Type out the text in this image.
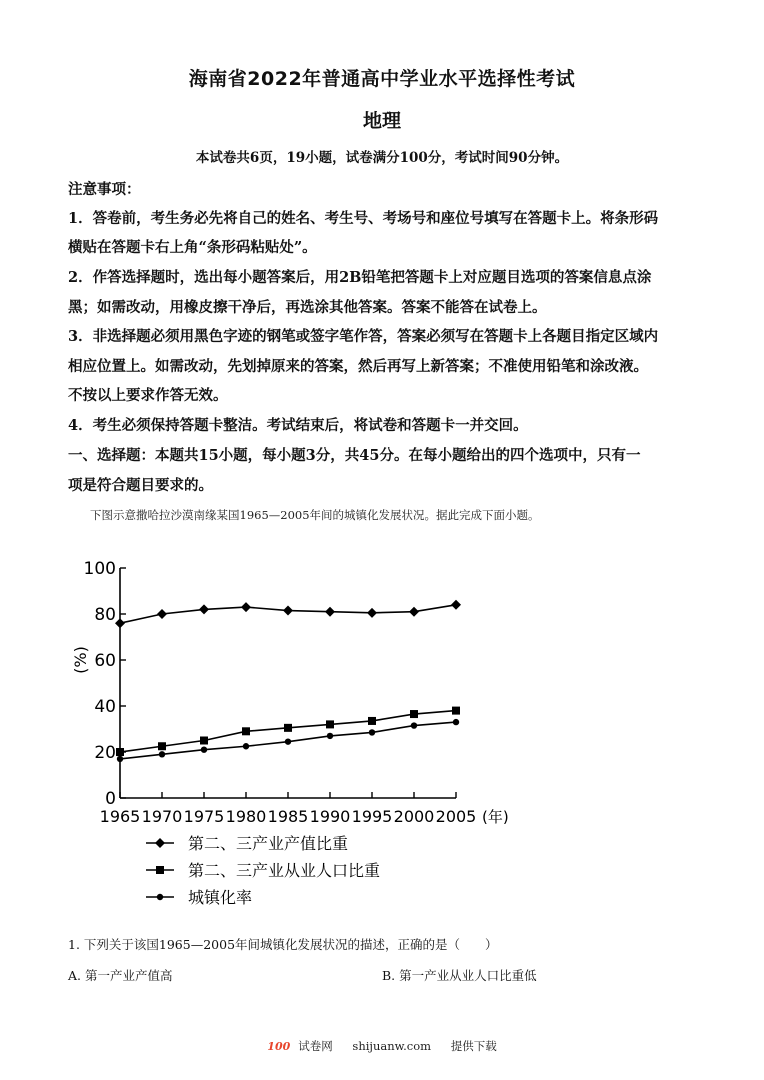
海南省2022年普通高中学业水平选择性考试
地理
本试卷共6页，19小题，试卷满分100分，考试时间90分钟。
注意事项：
1．答卷前，考生务必先将自己的姓名、考生号、考场号和座位号填写在答题卡上。将条形码
横贴在答题卡右上角“条形码粘贴处”。
2．作答选择题时，选出每小题答案后，用2B铅笔把答题卡上对应题目选项的答案信息点涂
黑；如需改动，用橡皮擦干净后，再选涂其他答案。答案不能答在试卷上。
3．非选择题必须用黑色字迹的钢笔或签字笔作答，答案必须写在答题卡上各题目指定区域内
相应位置上。如需改动，先划掉原来的答案，然后再写上新答案；不准使用铅笔和涂改液。
不按以上要求作答无效。
4．考生必须保持答题卡整洁。考试结束后，将试卷和答题卡一并交回。
一、选择题：本题共15小题，每小题3分，共45分。在每小题给出的四个选项中，只有一
项是符合题目要求的。
下图示意撒哈拉沙漠南缘某国1965—2005年间的城镇化发展状况。据此完成下面小题。
0
20
40
60
80
100
1965 1970 1975 1980 1985 1990 1995 2000 2005 (年)
(%)
第二、三产业产值比重
第二、三产业从业人口比重
城镇化率
1. 下列关于该国1965—2005年间城镇化发展状况的描述，正确的是（　　）
A. 第一产业产值高	B. 第一产业从业人口比重低
100 试卷网 shijuanw.com 提供下载
